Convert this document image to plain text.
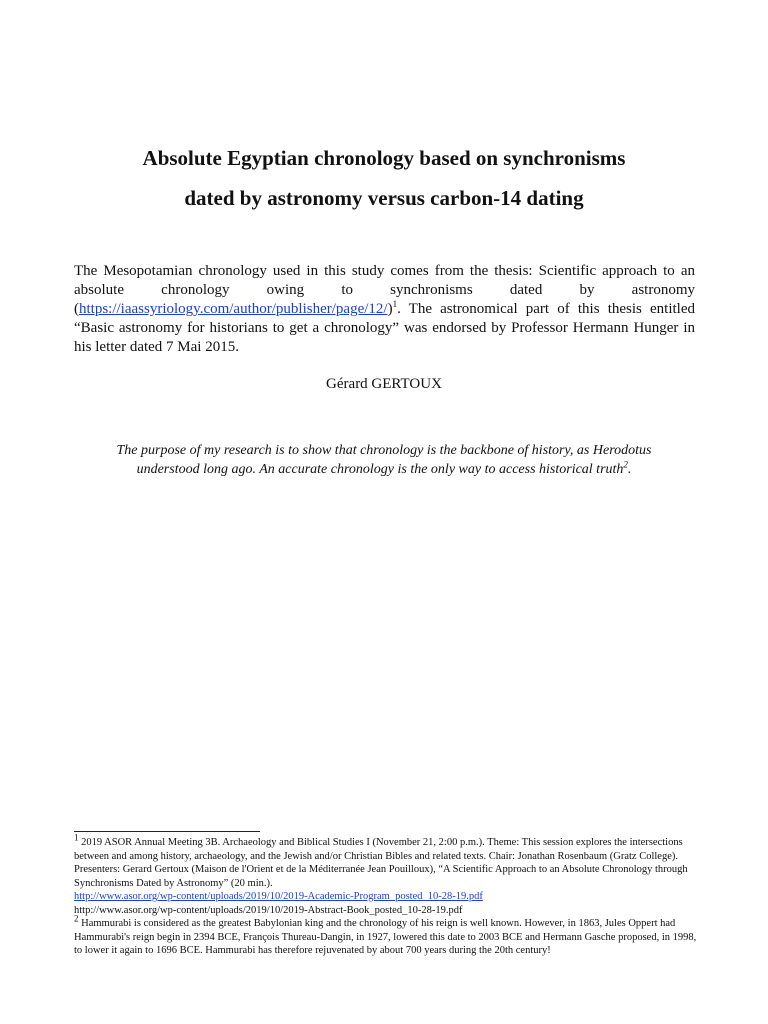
Absolute Egyptian chronology based on synchronisms
dated by astronomy versus carbon-14 dating
The Mesopotamian chronology used in this study comes from the thesis: Scientific approach to an absolute chronology owing to synchronisms dated by astronomy (https://iaassyriology.com/author/publisher/page/12/)$^1$. The astronomical part of this thesis entitled “Basic astronomy for historians to get a chronology” was endorsed by Professor Hermann Hunger in his letter dated 7 Mai 2015.
Gérard GERTOUX
The purpose of my research is to show that chronology is the backbone of history, as Herodotus understood long ago. An accurate chronology is the only way to access historical truth$^2$.

$^1$ 2019 ASOR Annual Meeting 3B. Archaeology and Biblical Studies I (November 21, 2:00 p.m.). Theme: This session explores the intersections between and among history, archaeology, and the Jewish and/or Christian Bibles and related texts. Chair: Jonathan Rosenbaum (Gratz College). Presenters: Gerard Gertoux (Maison de l'Orient et de la Méditerranée Jean Pouilloux), “A Scientific Approach to an Absolute Chronology through Synchronisms Dated by Astronomy” (20 min.).
http://www.asor.org/wp-content/uploads/2019/10/2019-Academic-Program_posted_10-28-19.pdf
http://www.asor.org/wp-content/uploads/2019/10/2019-Abstract-Book_posted_10-28-19.pdf

$^2$ Hammurabi is considered as the greatest Babylonian king and the chronology of his reign is well known. However, in 1863, Jules Oppert had Hammurabi's reign begin in 2394 BCE, François Thureau-Dangin, in 1927, lowered this date to 2003 BCE and Hermann Gasche proposed, in 1998, to lower it again to 1696 BCE. Hammurabi has therefore rejuvenated by about 700 years during the 20th century!
